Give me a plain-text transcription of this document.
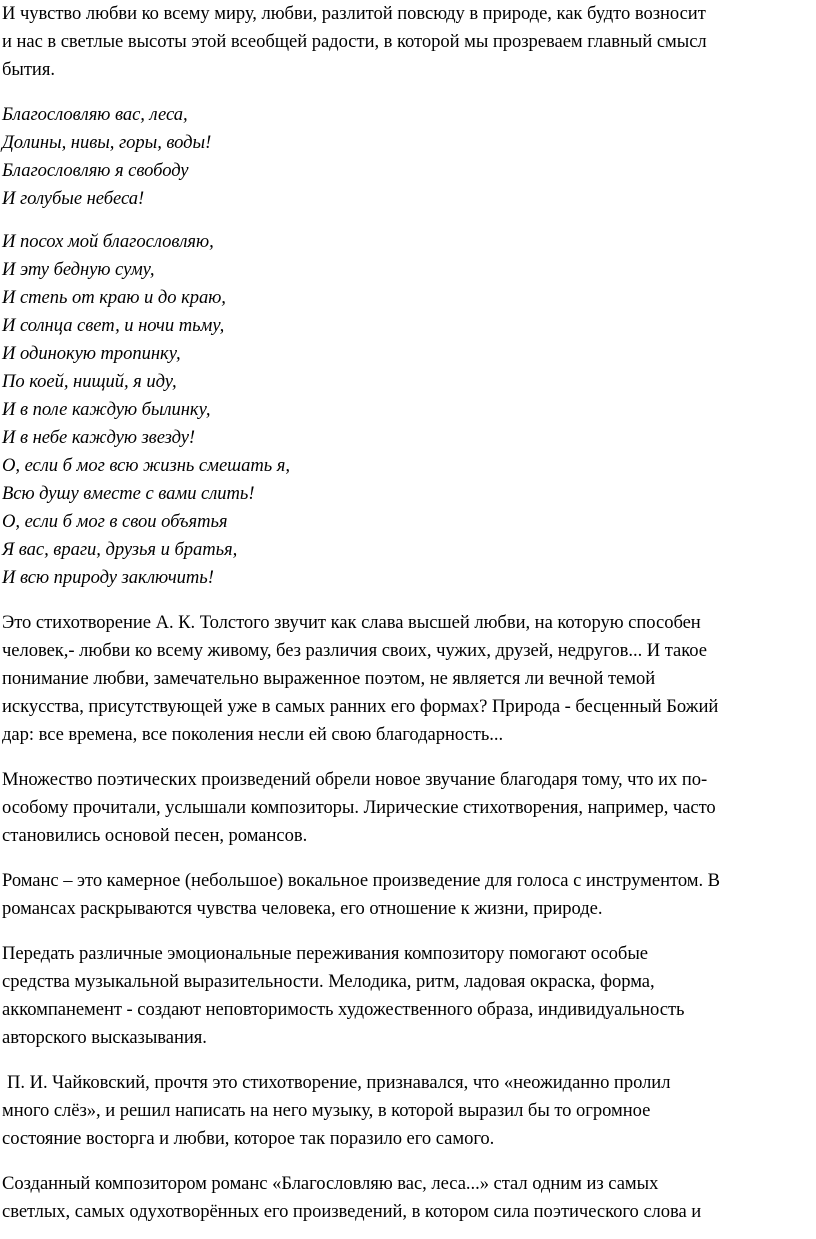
И чувство любви ко всему миру, любви, разлитой повсюду в природе, как будто возносит
и нас в светлые высоты этой всеобщей радости, в которой мы прозреваем главный смысл
бытия.

Благословляю вас, леса,
Долины, нивы, горы, воды!
Благословляю я свободу
И голубые небеса!

И посох мой благословляю,
И эту бедную суму,
И степь от краю и до краю,
И солнца свет, и ночи тьму,
И одинокую тропинку,
По коей, нищий, я иду,
И в поле каждую былинку,
И в небе каждую звезду!
О, если б мог всю жизнь смешать я,
Всю душу вместе с вами слить!
О, если б мог в свои объятья
Я вас, враги, друзья и братья,
И всю природу заключить!

Это стихотворение А. К. Толстого звучит как слава высшей любви, на которую способен
человек,- любви ко всему живому, без различия своих, чужих, друзей, недругов... И такое
понимание любви, замечательно выраженное поэтом, не является ли вечной темой
искусства, присутствующей уже в самых ранних его формах? Природа - бесценный Божий
дар: все времена, все поколения несли ей свою благодарность...

Множество поэтических произведений обрели новое звучание благодаря тому, что их по-
особому прочитали, услышали композиторы. Лирические стихотворения, например, часто
становились основой песен, романсов.

Романс – это камерное (небольшое) вокальное произведение для голоса с инструментом. В
романсах раскрываются чувства человека, его отношение к жизни, природе.

Передать различные эмоциональные переживания композитору помогают особые
средства музыкальной выразительности. Мелодика, ритм, ладовая окраска, форма,
аккомпанемент - создают неповторимость художественного образа, индивидуальность
авторского высказывания.

П. И. Чайковский, прочтя это стихотворение, признавался, что «неожиданно пролил
много слёз», и решил написать на него музыку, в которой выразил бы то огромное
состояние восторга и любви, которое так поразило его самого.

Созданный композитором романс «Благословляю вас, леса...» стал одним из самых
светлых, самых одухотворённых его произведений, в котором сила поэтического слова и
